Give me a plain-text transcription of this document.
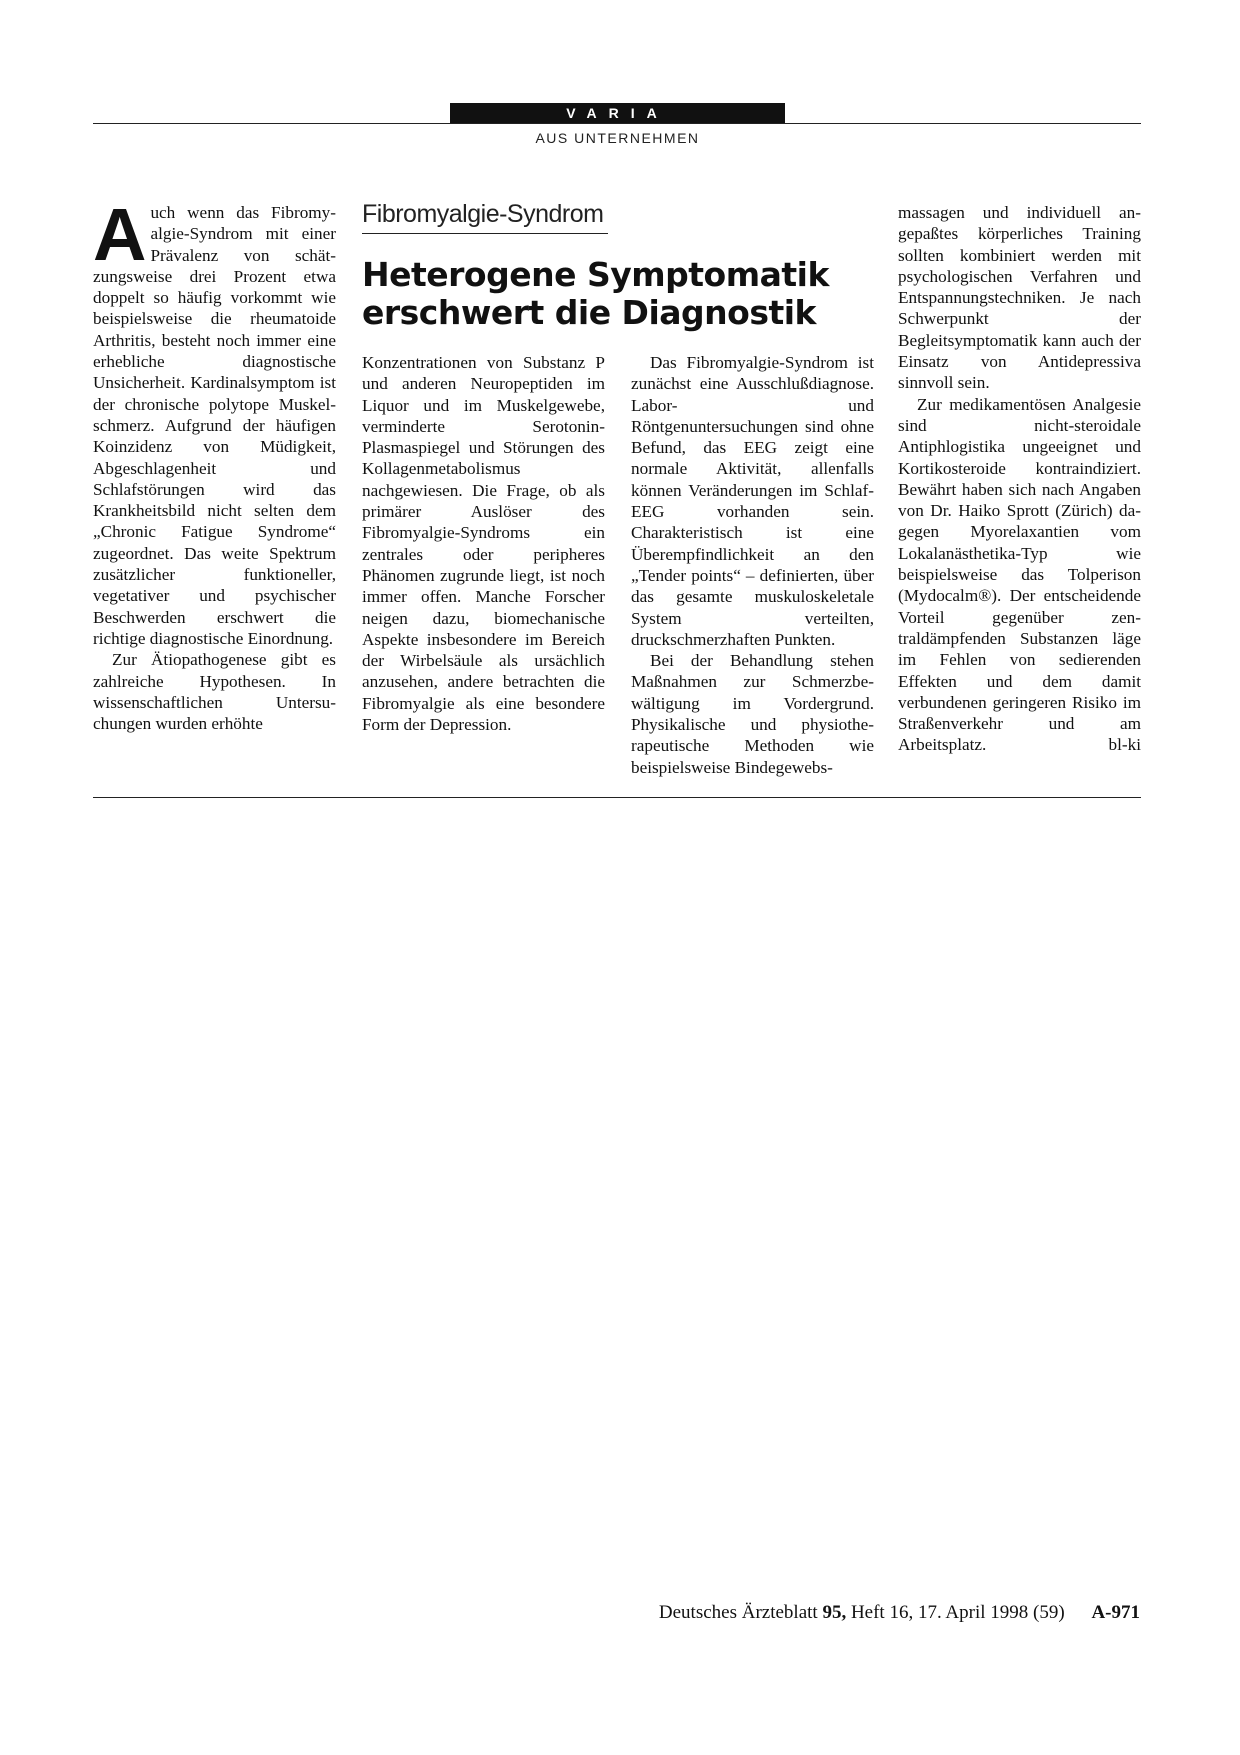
VARIA
AUS UNTERNEHMEN

Auch wenn das Fibromyalgie-Syndrom mit einer Prävalenz von schätzungsweise drei Prozent etwa doppelt so häufig vorkommt wie beispielsweise die rheumatoide Arthritis, besteht noch immer eine erhebliche diagnostische Unsicherheit. Kardinalsymptom ist der chronische polytope Muskelschmerz. Aufgrund der häufigen Koinzidenz von Müdigkeit, Abgeschlagenheit und Schlafstörungen wird das Krankheitsbild nicht selten dem „Chronic Fatigue Syndrome“ zugeordnet. Das weite Spektrum zusätzlicher funktioneller, vegetativer und psychischer Beschwerden erschwert die richtige diagnostische Einordnung.

Zur Ätiopathogenese gibt es zahlreiche Hypothesen. In wissenschaftlichen Untersuchungen wurden erhöhte

Fibromyalgie-Syndrom
Heterogene Symptomatik
erschwert die Diagnostik

Konzentrationen von Substanz P und anderen Neuropeptiden im Liquor und im Muskelgewebe, verminderte Serotonin-Plasmaspiegel und Störungen des Kollagenmetabolismus nachgewiesen. Die Frage, ob als primärer Auslöser des Fibromyalgie-Syndroms ein zentrales oder peripheres Phänomen zugrunde liegt, ist noch immer offen. Manche Forscher neigen dazu, biomechanische Aspekte insbesondere im Bereich der Wirbelsäule als ursächlich anzusehen, andere betrachten die Fibromyalgie als eine besondere Form der Depression.

Das Fibromyalgie-Syndrom ist zunächst eine Ausschlußdiagnose. Labor- und Röntgenuntersuchungen sind ohne Befund, das EEG zeigt eine normale Aktivität, allenfalls können Veränderungen im Schlaf-EEG vorhanden sein. Charakteristisch ist eine Überempfindlichkeit an den „Tender points“ – definierten, über das gesamte muskuloskeletale System verteilten, druckschmerzhaften Punkten.

Bei der Behandlung stehen Maßnahmen zur Schmerzbewältigung im Vordergrund. Physikalische und physiotherapeutische Methoden wie beispielsweise Bindegewebs-

massagen und individuell angepaßtes körperliches Training sollten kombiniert werden mit psychologischen Verfahren und Entspannungstechniken. Je nach Schwerpunkt der Begleitsymptomatik kann auch der Einsatz von Antidepressiva sinnvoll sein.

Zur medikamentösen Analgesie sind nicht-steroidale Antiphlogistika ungeeignet und Kortikosteroide kontraindiziert. Bewährt haben sich nach Angaben von Dr. Haiko Sprott (Zürich) dagegen Myorelaxantien vom Lokalanästhetika-Typ wie beispielsweise das Tolperison (Mydocalm®). Der entscheidende Vorteil gegenüber zentraldämpfenden Substanzen läge im Fehlen von sedierenden Effekten und dem damit verbundenen geringeren Risiko im Straßenverkehr und am Arbeitsplatz.	bl-ki

Deutsches Ärzteblatt 95, Heft 16, 17. April 1998 (59) A-971
